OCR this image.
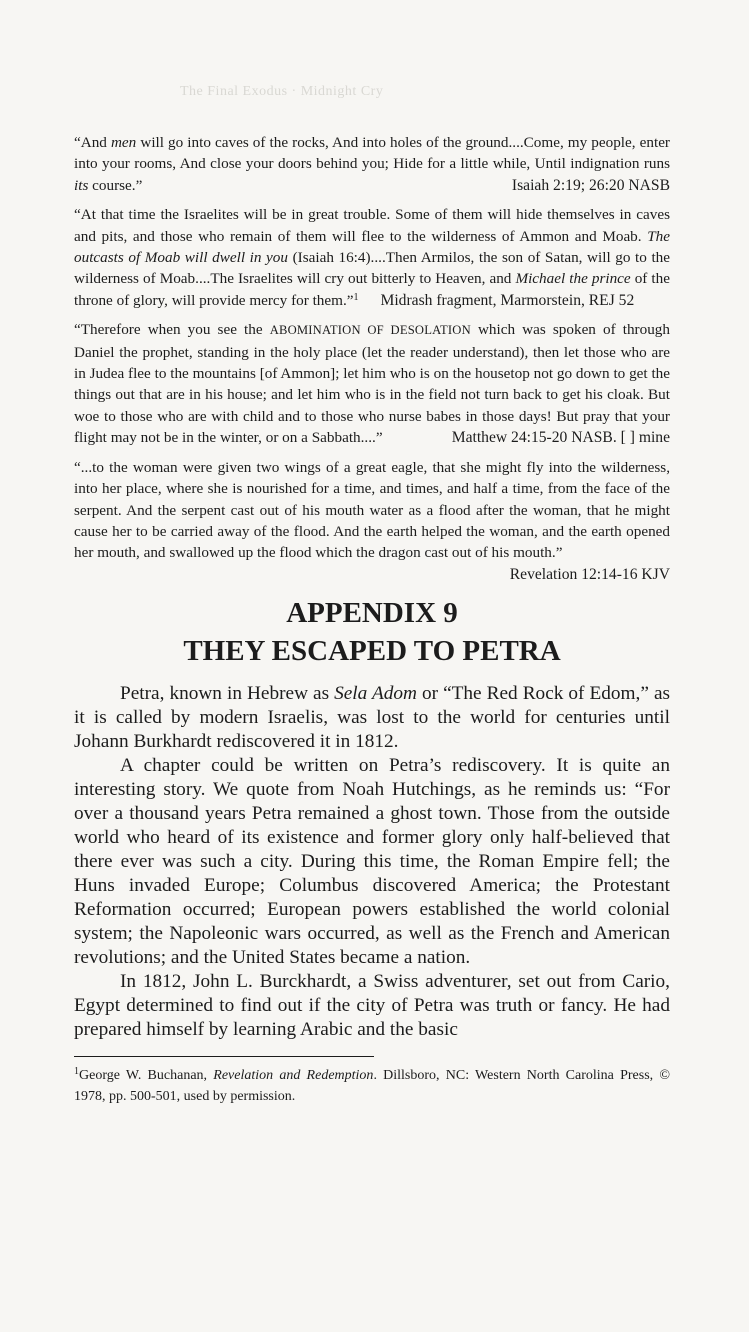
The Final Exodus · Midnight Cry

“And men will go into caves of the rocks, And into holes of the ground....Come, my people, enter into your rooms, And close your doors behind you; Hide for a little while, Until indignation runs its course.”	Isaiah 2:19; 26:20 NASB

“At that time the Israelites will be in great trouble. Some of them will hide themselves in caves and pits, and those who remain of them will flee to the wilderness of Ammon and Moab. The outcasts of Moab will dwell in you (Isaiah 16:4)....Then Armilos, the son of Satan, will go to the wilderness of Moab....The Israelites will cry out bitterly to Heaven, and Michael the prince of the throne of glory, will provide mercy for them.”$^1$ Midrash fragment, Marmorstein, REJ 52

“Therefore when you see the ABOMINATION OF DESOLATION which was spoken of through Daniel the prophet, standing in the holy place (let the reader understand), then let those who are in Judea flee to the mountains [of Ammon]; let him who is on the housetop not go down to get the things out that are in his house; and let him who is in the field not turn back to get his cloak. But woe to those who are with child and to those who nurse babes in those days! But pray that your flight may not be in the winter, or on a Sabbath....”	Matthew 24:15-20 NASB. [ ] mine

“...to the woman were given two wings of a great eagle, that she might fly into the wilderness, into her place, where she is nourished for a time, and times, and half a time, from the face of the serpent. And the serpent cast out of his mouth water as a flood after the woman, that he might cause her to be carried away of the flood. And the earth helped the woman, and the earth opened her mouth, and swallowed up the flood which the dragon cast out of his mouth.”
Revelation 12:14-16 KJV

APPENDIX 9
THEY ESCAPED TO PETRA

Petra, known in Hebrew as Sela Adom or “The Red Rock of Edom,” as it is called by modern Israelis, was lost to the world for centuries until Johann Burkhardt rediscovered it in 1812.

A chapter could be written on Petra’s rediscovery. It is quite an interesting story. We quote from Noah Hutchings, as he reminds us: “For over a thousand years Petra remained a ghost town. Those from the outside world who heard of its existence and former glory only half-believed that there ever was such a city. During this time, the Roman Empire fell; the Huns invaded Europe; Columbus discovered America; the Protestant Reformation occurred; European powers established the world colonial system; the Napoleonic wars occurred, as well as the French and American revolutions; and the United States became a nation.

In 1812, John L. Burckhardt, a Swiss adventurer, set out from Cario, Egypt determined to find out if the city of Petra was truth or fancy. He had prepared himself by learning Arabic and the basic

$^1$George W. Buchanan, Revelation and Redemption. Dillsboro, NC: Western North Carolina Press, © 1978, pp. 500-501, used by permission.
